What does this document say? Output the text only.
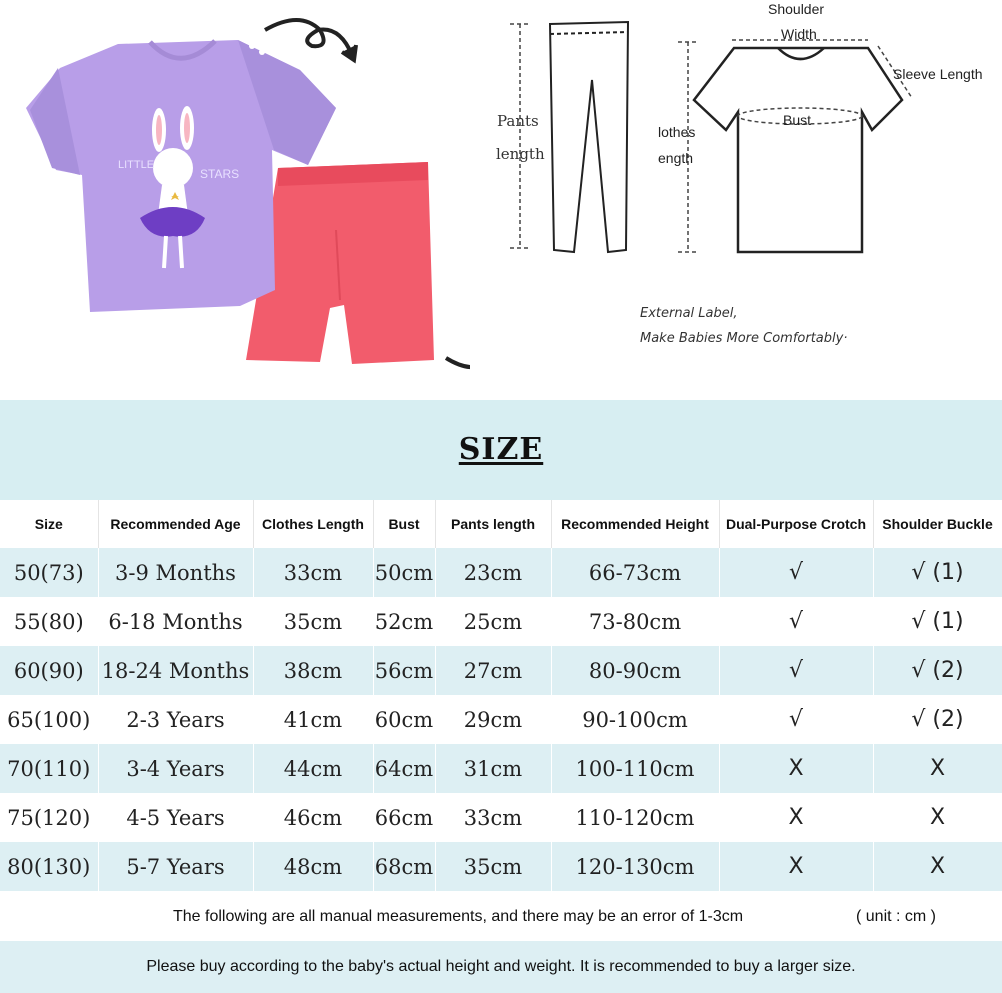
LITTLE
STARS
Pants
length
lothes
ength
Shoulder
Width
Sleeve Length
Bust
External Label,
Make Babies More Comfortably·
SIZE
Size	Recommended Age	Clothes Length	Bust	Pants length	Recommended Height	Dual-Purpose Crotch	Shoulder Buckle
50(73)	3-9 Months	33cm	50cm	23cm	66-73cm	√	√ (1)
55(80)	6-18 Months	35cm	52cm	25cm	73-80cm	√	√ (1)
60(90)	18-24 Months	38cm	56cm	27cm	80-90cm	√	√ (2)
65(100)	2-3 Years	41cm	60cm	29cm	90-100cm	√	√ (2)
70(110)	3-4 Years	44cm	64cm	31cm	100-110cm	X	X
75(120)	4-5 Years	46cm	66cm	33cm	110-120cm	X	X
80(130)	5-7 Years	48cm	68cm	35cm	120-130cm	X	X
The following are all manual measurements, and there may be an error of 1-3cm	( unit : cm )
Please buy according to the baby's actual height and weight. It is recommended to buy a larger size.
